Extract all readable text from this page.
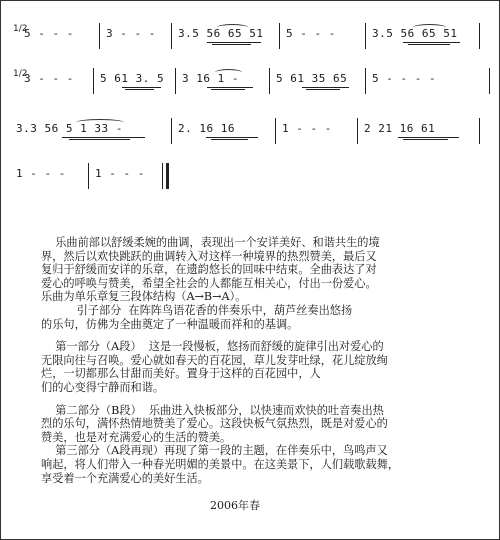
1/2
5 - - -	3 - - - 3.5 56 65 51 5 - - -	3.5 56 65 51
1/2
3 - - - 5 61 3. 5 3 16 1 -	5 61 35 65 5 - - - -
3.3 56 5 1 33 -	2. 16 16	1 - - -	2 21 16 61
1 - - -	1 - - -

乐曲前部以舒缓柔婉的曲调，表现出一个安详美好、和谐共生的境
界，然后以欢快跳跃的曲调转入对这样一种境界的热烈赞美，最后又
复归于舒缓而安详的乐章，在遗韵悠长的回味中结束。全曲表达了对
爱心的呼唤与赞美，希望全社会的人都能互相关心，付出一份爱心。
乐曲为单乐章复三段体结构（A→B→A）。

引子部分  在阵阵鸟语花香的伴奏乐中，葫芦丝奏出悠扬
的乐句，仿佛为全曲奠定了一种温暖而祥和的基调。

第一部分（A段）  这是一段慢板，悠扬而舒缓的旋律引出对爱心的
无限向往与召唤。爱心就如春天的百花园，草儿发芽吐绿，花儿绽放绚
烂，一切都那么甘甜而美好。置身于这样的百花园中，人
们的心变得宁静而和谐。

第二部分（B段）  乐曲进入快板部分，以快速而欢快的吐音奏出热
烈的乐句，满怀热情地赞美了爱心。这段快板气氛热烈，既是对爱心的
赞美，也是对充满爱心的生活的赞美。

第三部分（A段再现）再现了第一段的主题，在伴奏乐中，鸟鸣声又
响起，将人们带入一种春光明媚的美景中。在这美景下，人们载歌载舞，
享受着一个充满爱心的美好生活。

2006年春
